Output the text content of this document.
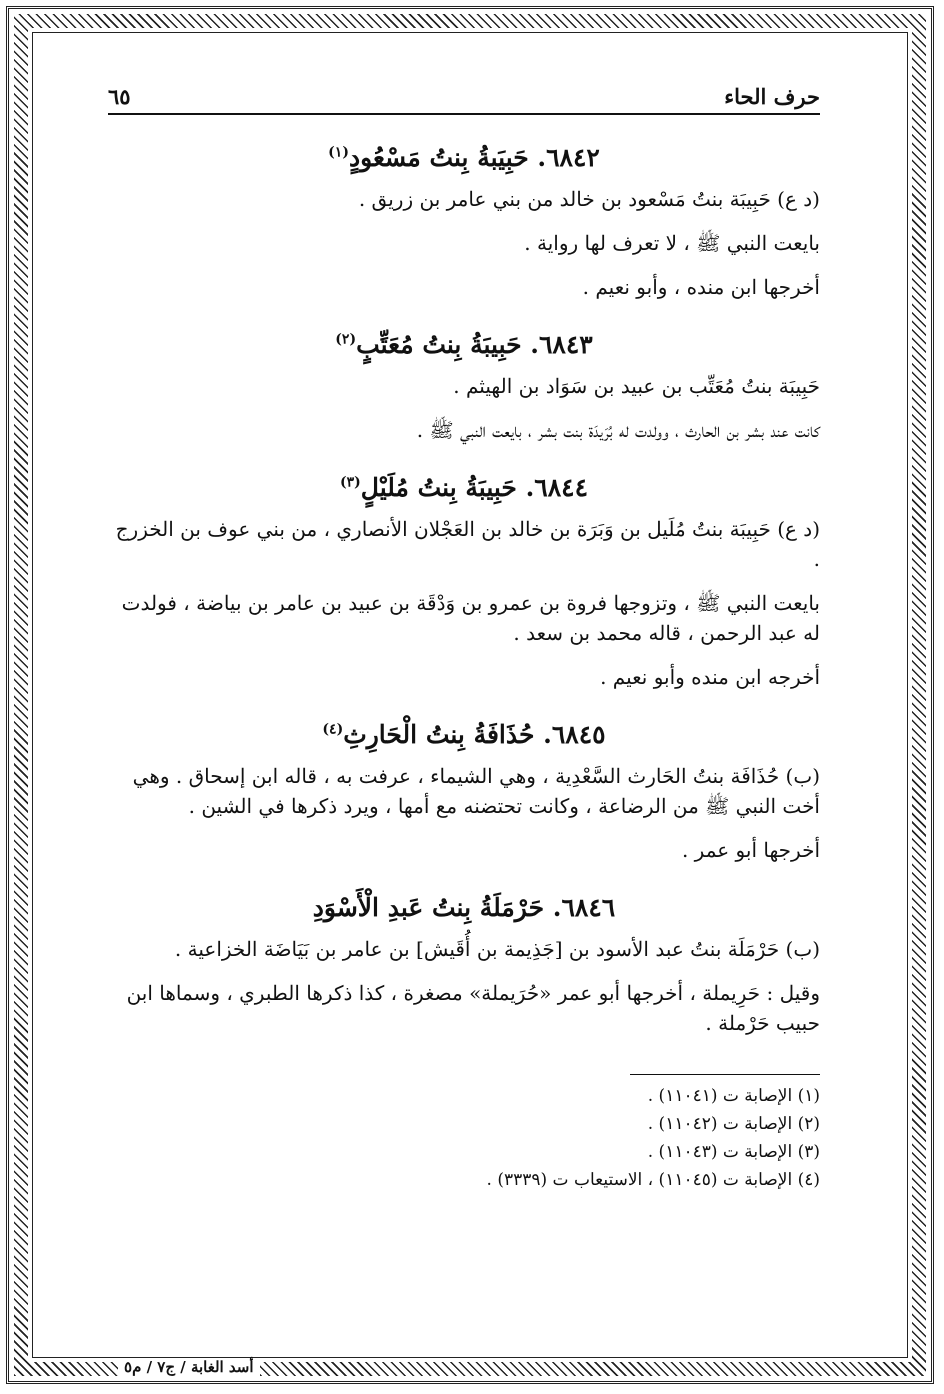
حرف الحاء
٦٥
٦٨٤٢. حَبِيَبةُ بِنتُ مَسْعُودٍ$^{(١)}$

(د ع) حَبِيبَة بنتُ مَسْعود بن خالد من بني عامر بن زريق .

بايعت النبي ﷺ ، لا تعرف لها رواية .

أخرجها ابن منده ، وأبو نعيم .

٦٨٤٣. حَبِيبَةُ بِنتُ مُعَتِّبٍ$^{(٢)}$

حَبِيبَة بنتُ مُعَتِّب بن عبيد بن سَوَاد بن الهيثم .

كانت عند بشر بن الحارث ، وولدت له بُرَيدَة بنت بشر ، بايعت النبي ﷺ .

٦٨٤٤. حَبِيبَةُ بِنتُ مُلَيْلٍ$^{(٣)}$

(د ع) حَبِيبَة بنتُ مُلَيل بن وَبَرَة بن خالد بن العَجْلان الأنصاري ، من بني عوف بن الخزرج .

بايعت النبي ﷺ ، وتزوجها فروة بن عمرو بن وَدْقَة بن عبيد بن عامر بن بياضة ، فولدت له عبد الرحمن ، قاله محمد بن سعد .

أخرجه ابن منده وأبو نعيم .

٦٨٤٥. حُذَافَةُ بِنتُ الْحَارِثِ$^{(٤)}$

(ب) حُذَافَة بنتُ الحَارث السَّعْدِية ، وهي الشيماء ، عرفت به ، قاله ابن إسحاق . وهي أخت النبي ﷺ من الرضاعة ، وكانت تحتضنه مع أمها ، ويرد ذكرها في الشين .

أخرجها أبو عمر .

٦٨٤٦. حَرْمَلَةُ بِنتُ عَبدِ الْأَسْوَدِ

(ب) حَرْمَلَة بنتُ عبد الأسود بن [جَذِيمة بن أُقَيش] بن عامر بن بَيَاضَة الخزاعية .

وقيل : حَرِيملة ، أخرجها أبو عمر «حُرَيملة» مصغرة ، كذا ذكرها الطبري ، وسماها ابن حبيب حَرْملة .

(١) الإصابة ت (١١٠٤١) .

(٢) الإصابة ت (١١٠٤٢) .

(٣) الإصابة ت (١١٠٤٣) .

(٤) الإصابة ت (١١٠٤٥) ، الاستيعاب ت (٣٣٣٩) .

أسد الغابة / ج٧ / م٥
